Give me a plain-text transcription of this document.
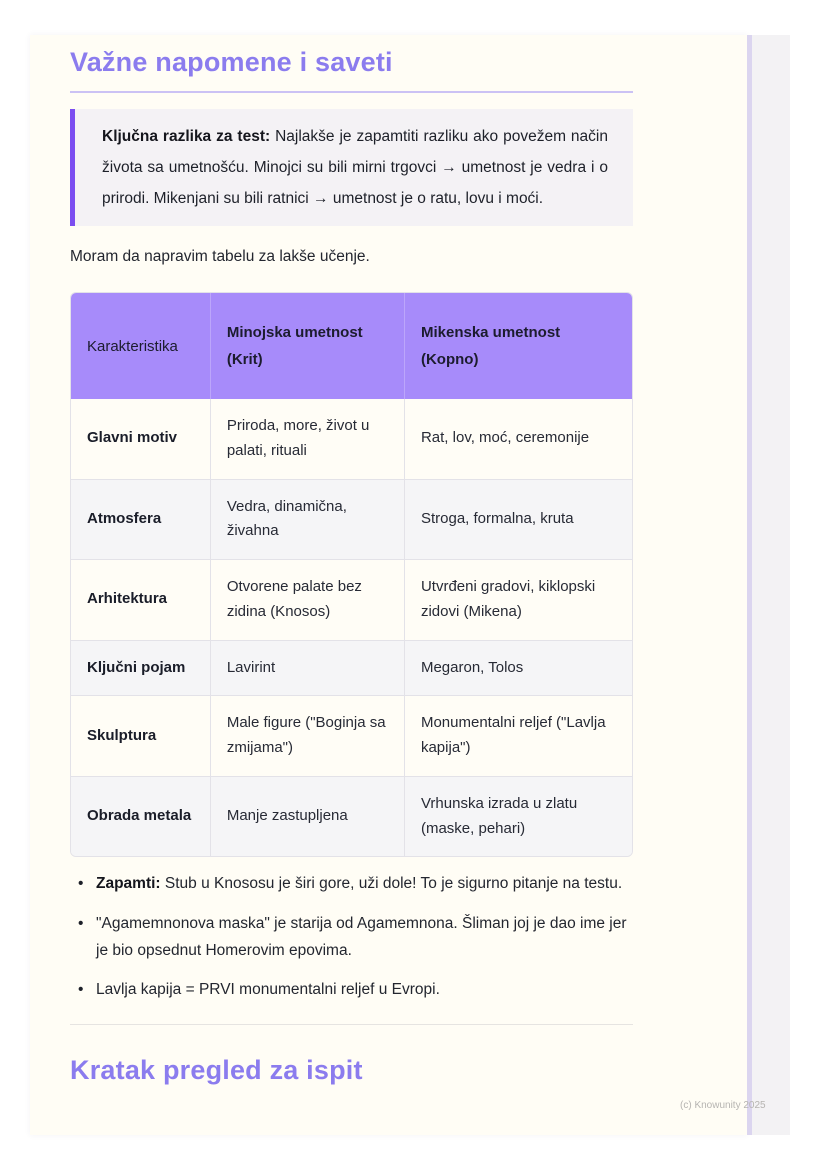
Važne napomene i saveti
Ključna razlika za test: Najlakše je zapamtiti razliku ako povežem način života sa umetnošću. Minojci su bili mirni trgovci → umetnost je vedra i o prirodi. Mikenjani su bili ratnici → umetnost je o ratu, lovu i moći.

Moram da napravim tabelu za lakše učenje.

Karakteristika	Minojska umetnost (Krit)	Mikenska umetnost (Kopno)
Glavni motiv	Priroda, more, život u palati, rituali	Rat, lov, moć, ceremonije
Atmosfera	Vedra, dinamična, živahna	Stroga, formalna, kruta
Arhitektura	Otvorene palate bez zidina (Knosos)	Utvrđeni gradovi, kiklopski zidovi (Mikena)
Ključni pojam	Lavirint	Megaron, Tolos
Skulptura	Male figure ("Boginja sa zmijama")	Monumentalni reljef ("Lavlja kapija")
Obrada metala	Manje zastupljena	Vrhunska izrada u zlatu (maske, pehari)
• Zapamti: Stub u Knososu je širi gore, uži dole! To je sigurno pitanje na testu.
• "Agamemnonova maska" je starija od Agamemnona. Šliman joj je dao ime jer je bio opsednut Homerovim epovima.
• Lavlja kapija = PRVI monumentalni reljef u Evropi.
Kratak pregled za ispit
(c) Knowunity 2025
